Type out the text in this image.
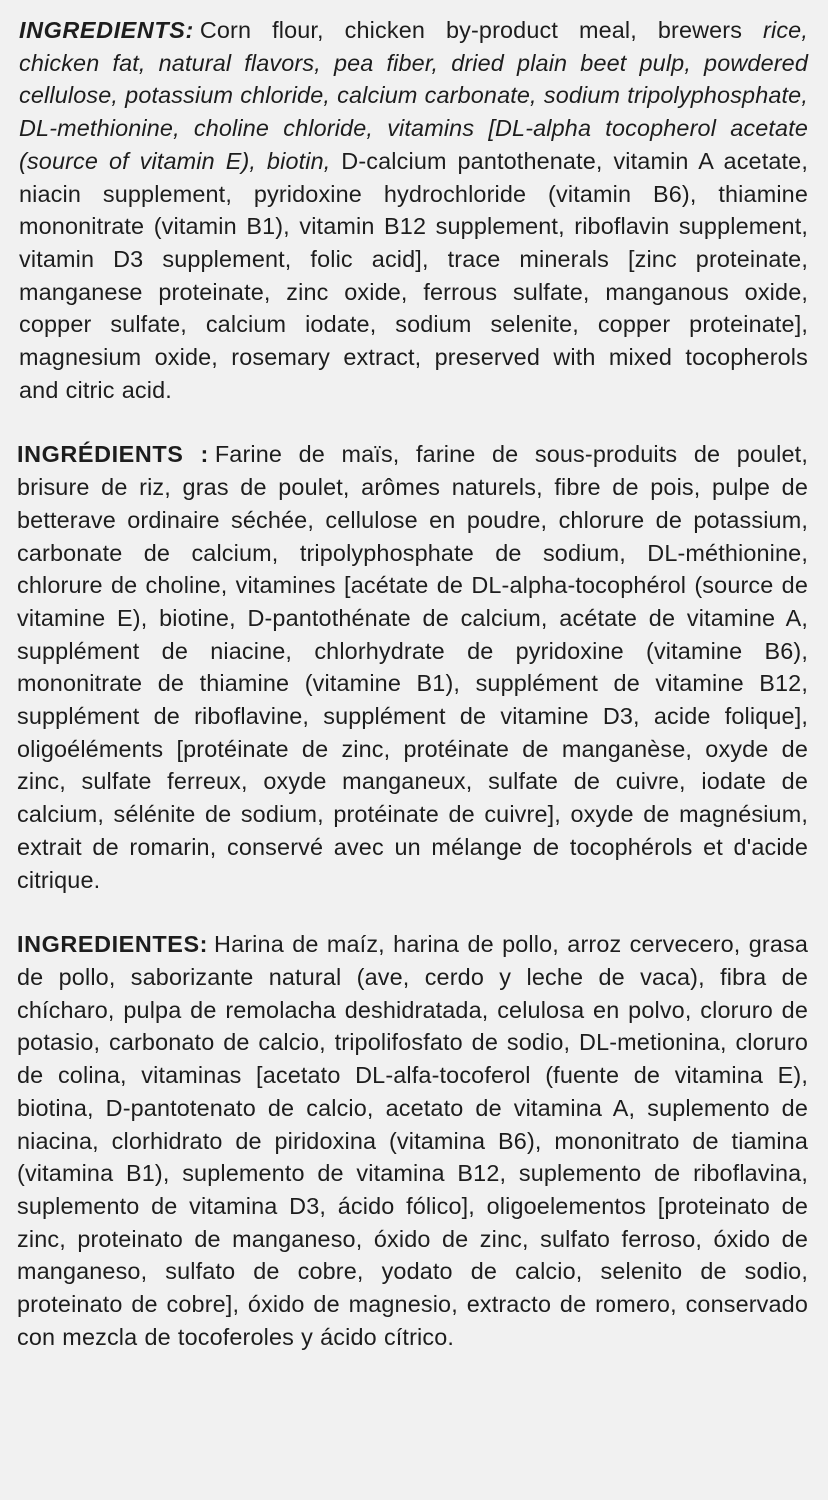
INGREDIENTS: Corn flour, chicken by-product meal, brewers rice, chicken fat, natural flavors, pea fiber, dried plain beet pulp, powdered cellulose, potassium chloride, calcium carbonate, sodium tripolyphosphate, DL-methionine, choline chloride, vitamins [DL-alpha tocopherol acetate (source of vitamin E), biotin, D-calcium pantothenate, vitamin A acetate, niacin supplement, pyridoxine hydrochloride (vitamin B6), thiamine mononitrate (vitamin B1), vitamin B12 supplement, riboflavin supplement, vitamin D3 supplement, folic acid], trace minerals [zinc proteinate, manganese proteinate, zinc oxide, ferrous sulfate, manganous oxide, copper sulfate, calcium iodate, sodium selenite, copper proteinate], magnesium oxide, rosemary extract, preserved with mixed tocopherols and citric acid.

INGRÉDIENTS : Farine de maïs, farine de sous-produits de poulet, brisure de riz, gras de poulet, arômes naturels, fibre de pois, pulpe de betterave ordinaire séchée, cellulose en poudre, chlorure de potassium, carbonate de calcium, tripolyphosphate de sodium, DL-méthionine, chlorure de choline, vitamines [acétate de DL-alpha-tocophérol (source de vitamine E), biotine, D-pantothénate de calcium, acétate de vitamine A, supplément de niacine, chlorhydrate de pyridoxine (vitamine B6), mononitrate de thiamine (vitamine B1), supplément de vitamine B12, supplément de riboflavine, supplément de vitamine D3, acide folique], oligoéléments [protéinate de zinc, protéinate de manganèse, oxyde de zinc, sulfate ferreux, oxyde manganeux, sulfate de cuivre, iodate de calcium, sélénite de sodium, protéinate de cuivre], oxyde de magnésium, extrait de romarin, conservé avec un mélange de tocophérols et d'acide citrique.

INGREDIENTES: Harina de maíz, harina de pollo, arroz cervecero, grasa de pollo, saborizante natural (ave, cerdo y leche de vaca), fibra de chícharo, pulpa de remolacha deshidratada, celulosa en polvo, cloruro de potasio, carbonato de calcio, tripolifosfato de sodio, DL-metionina, cloruro de colina, vitaminas [acetato DL-alfa-tocoferol (fuente de vitamina E), biotina, D-pantotenato de calcio, acetato de vitamina A, suplemento de niacina, clorhidrato de piridoxina (vitamina B6), mononitrato de tiamina (vitamina B1), suplemento de vitamina B12, suplemento de riboflavina, suplemento de vitamina D3, ácido fólico], oligoelementos [proteinato de zinc, proteinato de manganeso, óxido de zinc, sulfato ferroso, óxido de manganeso, sulfato de cobre, yodato de calcio, selenito de sodio, proteinato de cobre], óxido de magnesio, extracto de romero, conservado con mezcla de tocoferoles y ácido cítrico.
